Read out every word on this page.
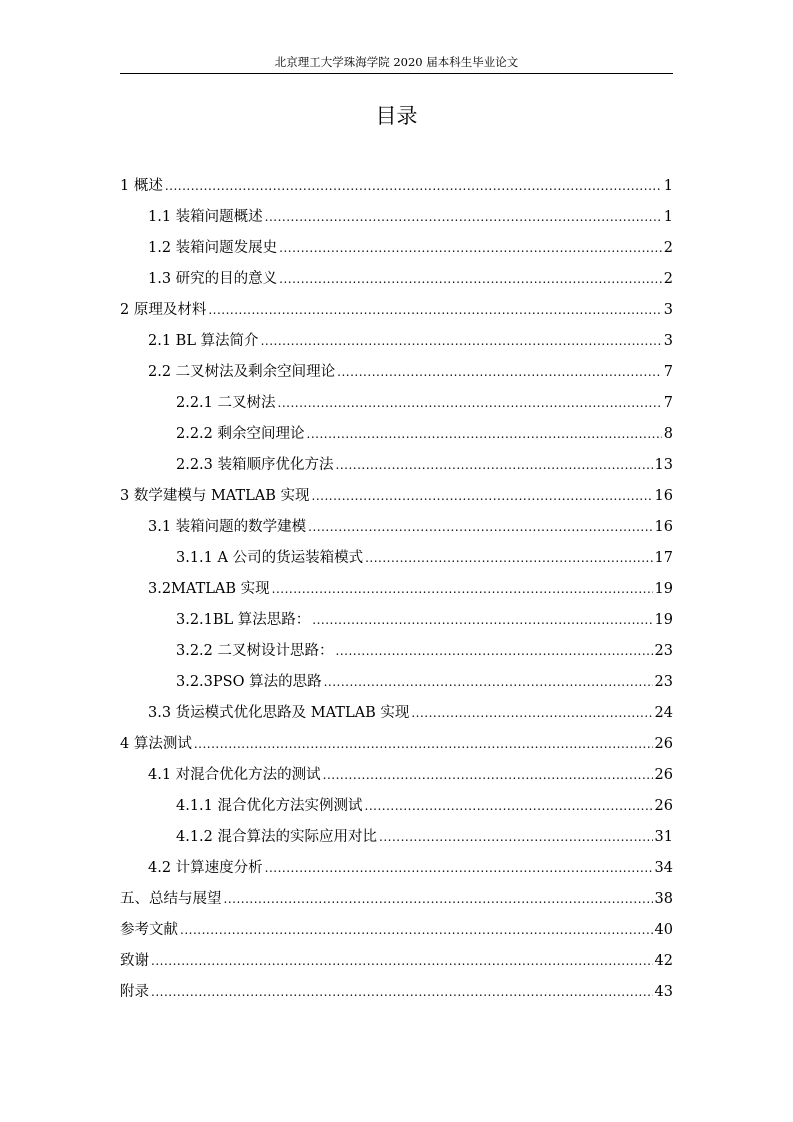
北京理工大学珠海学院 2020 届本科生毕业论文
目录
1 概述 .....	1
1.1 装箱问题概述 .....	1
1.2 装箱问题发展史 .....	2
1.3 研究的目的意义 .....	2
2 原理及材料 .....	3
2.1 BL 算法简介 .....	3
2.2 二叉树法及剩余空间理论 .....	7
2.2.1 二叉树法 .....	7
2.2.2 剩余空间理论 .....	8
2.2.3 装箱顺序优化方法 .....	13
3 数学建模与 MATLAB 实现 .....	16
3.1 装箱问题的数学建模 .....	16
3.1.1 A 公司的货运装箱模式 .....	17
3.2MATLAB 实现 .....	19
3.2.1BL 算法思路： .....	19
3.2.2 二叉树设计思路： .....	23
3.2.3PSO 算法的思路 .....	23
3.3 货运模式优化思路及 MATLAB 实现 .....	24
4 算法测试 .....	26
4.1 对混合优化方法的测试 .....	26
4.1.1 混合优化方法实例测试 .....	26
4.1.2 混合算法的实际应用对比 .....	31
4.2 计算速度分析 .....	34
五、总结与展望 .....	38
参考文献 .....	40
致谢 .....	42
附录 .....	43
